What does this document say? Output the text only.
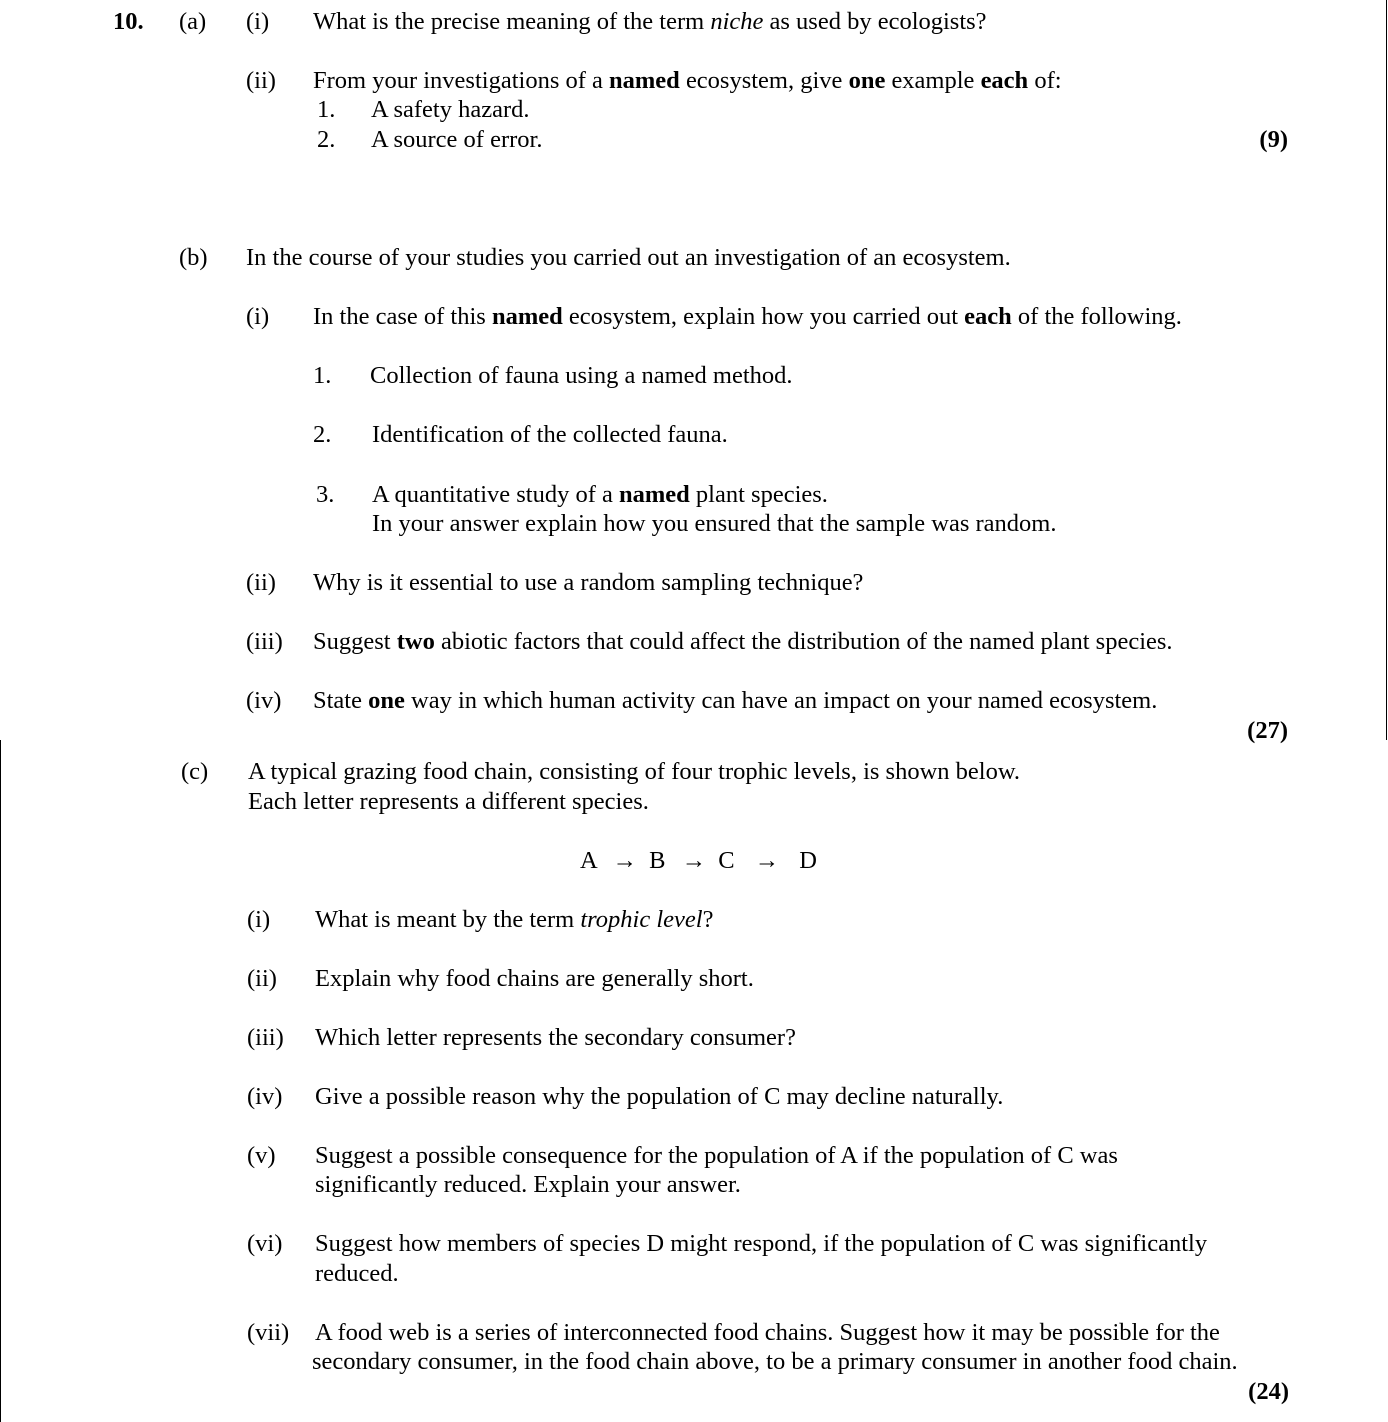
10. (a) (i) What is the precise meaning of the term niche as used by ecologists?
(ii) From your investigations of a named ecosystem, give one example each of:
1. A safety hazard.
2. A source of error.	(9)
(b) In the course of your studies you carried out an investigation of an ecosystem.
(i) In the case of this named ecosystem, explain how you carried out each of the following.
1. Collection of fauna using a named method.
2. Identification of the collected fauna.
3. A quantitative study of a named plant species.
In your answer explain how you ensured that the sample was random.
(ii) Why is it essential to use a random sampling technique?
(iii) Suggest two abiotic factors that could affect the distribution of the named plant species.
(iv) State one way in which human activity can have an impact on your named ecosystem.
(27)
(c) A typical grazing food chain, consisting of four trophic levels, is shown below.
Each letter represents a different species.
A → B → C → D
(i) What is meant by the term trophic level?
(ii) Explain why food chains are generally short.
(iii) Which letter represents the secondary consumer?
(iv) Give a possible reason why the population of C may decline naturally.
(v) Suggest a possible consequence for the population of A if the population of C was
significantly reduced. Explain your answer.
(vi) Suggest how members of species D might respond, if the population of C was significantly
reduced.
(vii) A food web is a series of interconnected food chains. Suggest how it may be possible for the
secondary consumer, in the food chain above, to be a primary consumer in another food chain.
(24)
